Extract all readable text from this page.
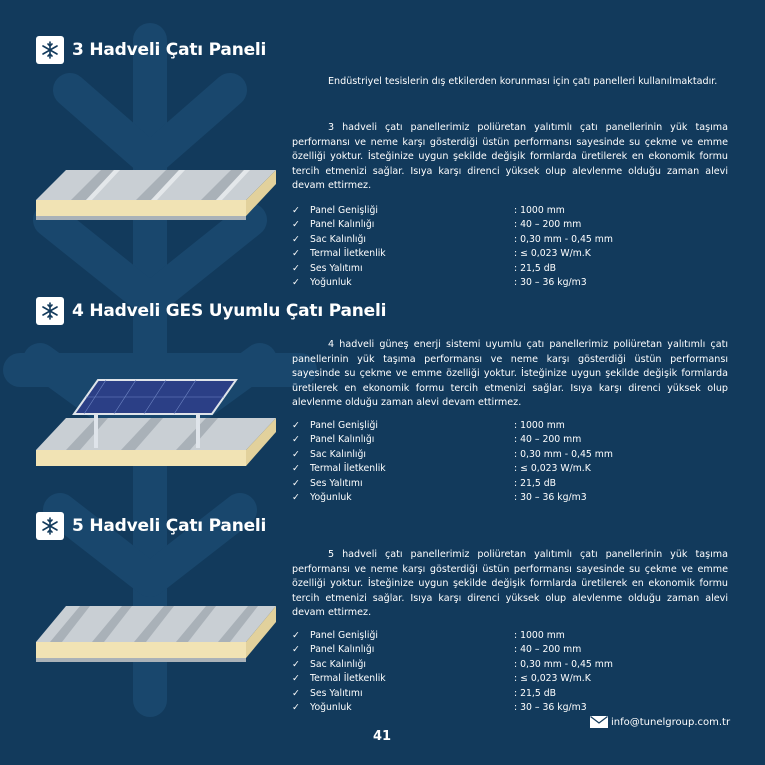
3 Hadveli Çatı Paneli

Endüstriyel tesislerin dış etkilerden korunması için çatı panelleri kullanılmaktadır.

3 hadveli çatı panellerimiz poliüretan yalıtımlı çatı panellerinin yük taşıma performansı ve neme karşı gösterdiği üstün performansı sayesinde su çekme ve emme özelliği yoktur. İsteğinize uygun şekilde değişik formlarda üretilerek en ekonomik formu tercih etmenizi sağlar. Isıya karşı direnci yüksek olup alevlenme olduğu zaman alevi devam ettirmez.

✓	Panel Genişliği	: 1000 mm
✓	Panel Kalınlığı	: 40 – 200 mm
✓	Sac Kalınlığı	: 0,30 mm - 0,45 mm
✓	Termal İletkenlik	: ≤ 0,023 W/m.K
✓	Ses Yalıtımı	: 21,5 dB
✓	Yoğunluk	: 30 – 36 kg/m3
4 Hadveli GES Uyumlu Çatı Paneli

4 hadveli güneş enerji sistemi uyumlu çatı panellerimiz poliüretan yalıtımlı çatı panellerinin yük taşıma performansı ve neme karşı gösterdiği üstün performansı sayesinde su çekme ve emme özelliği yoktur. İsteğinize uygun şekilde değişik formlarda üretilerek en ekonomik formu tercih etmenizi sağlar. Isıya karşı direnci yüksek olup alevlenme olduğu zaman alevi devam ettirmez.

✓	Panel Genişliği	: 1000 mm
✓	Panel Kalınlığı	: 40 – 200 mm
✓	Sac Kalınlığı	: 0,30 mm - 0,45 mm
✓	Termal İletkenlik	: ≤ 0,023 W/m.K
✓	Ses Yalıtımı	: 21,5 dB
✓	Yoğunluk	: 30 – 36 kg/m3
5 Hadveli Çatı Paneli

5 hadveli çatı panellerimiz poliüretan yalıtımlı çatı panellerinin yük taşıma performansı ve neme karşı gösterdiği üstün performansı sayesinde su çekme ve emme özelliği yoktur. İsteğinize uygun şekilde değişik formlarda üretilerek en ekonomik formu tercih etmenizi sağlar. Isıya karşı direnci yüksek olup alevlenme olduğu zaman alevi devam ettirmez.

✓	Panel Genişliği	: 1000 mm
✓	Panel Kalınlığı	: 40 – 200 mm
✓	Sac Kalınlığı	: 0,30 mm - 0,45 mm
✓	Termal İletkenlik	: ≤ 0,023 W/m.K
✓	Ses Yalıtımı	: 21,5 dB
✓	Yoğunluk	: 30 – 36 kg/m3
41
info@tunelgroup.com.tr
